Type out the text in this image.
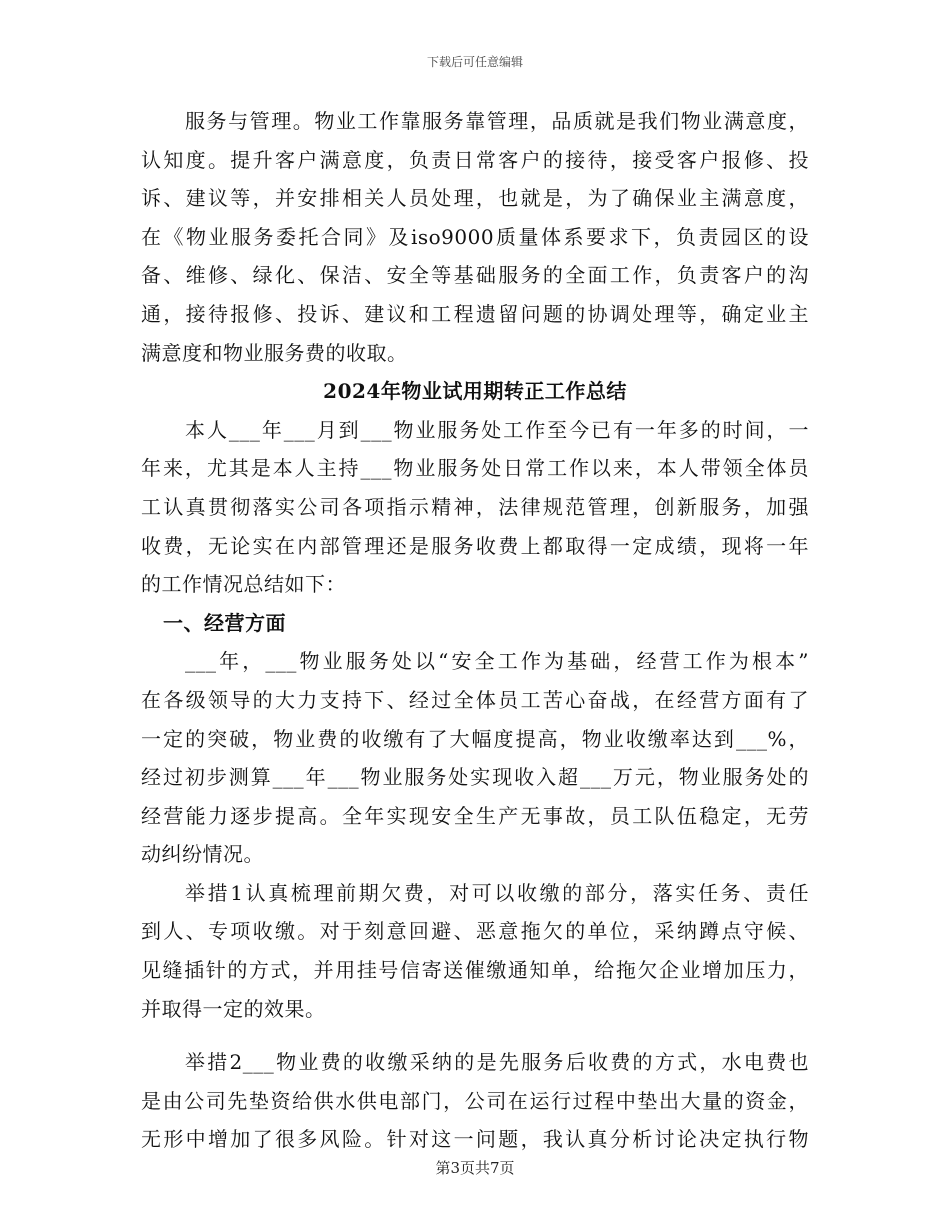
下载后可任意编辑
服务与管理。物业工作靠服务靠管理，品质就是我们物业满意度，
认知度。提升客户满意度，负责日常客户的接待，接受客户报修、投
诉、建议等，并安排相关人员处理，也就是，为了确保业主满意度，
在《物业服务委托合同》及iso9000质量体系要求下，负责园区的设
备、维修、绿化、保洁、安全等基础服务的全面工作，负责客户的沟
通，接待报修、投诉、建议和工程遗留问题的协调处理等，确定业主
满意度和物业服务费的收取。
2024年物业试用期转正工作总结
本人___年___月到___物业服务处工作至今已有一年多的时间，一
年来，尤其是本人主持___物业服务处日常工作以来，本人带领全体员
工认真贯彻落实公司各项指示精神，法律规范管理，创新服务，加强
收费，无论实在内部管理还是服务收费上都取得一定成绩，现将一年
的工作情况总结如下：
一、经营方面
___年，___物业服务处以“安全工作为基础，经营工作为根本”
在各级领导的大力支持下、经过全体员工苦心奋战，在经营方面有了
一定的突破，物业费的收缴有了大幅度提高，物业收缴率达到___%，
经过初步测算___年___物业服务处实现收入超___万元，物业服务处的
经营能力逐步提高。全年实现安全生产无事故，员工队伍稳定，无劳
动纠纷情况。
举措1认真梳理前期欠费，对可以收缴的部分，落实任务、责任
到人、专项收缴。对于刻意回避、恶意拖欠的单位，采纳蹲点守候、
见缝插针的方式，并用挂号信寄送催缴通知单，给拖欠企业增加压力，
并取得一定的效果。
举措2___物业费的收缴采纳的是先服务后收费的方式，水电费也
是由公司先垫资给供水供电部门，公司在运行过程中垫出大量的资金，
无形中增加了很多风险。针对这一问题，我认真分析讨论决定执行物
第3页共7页
